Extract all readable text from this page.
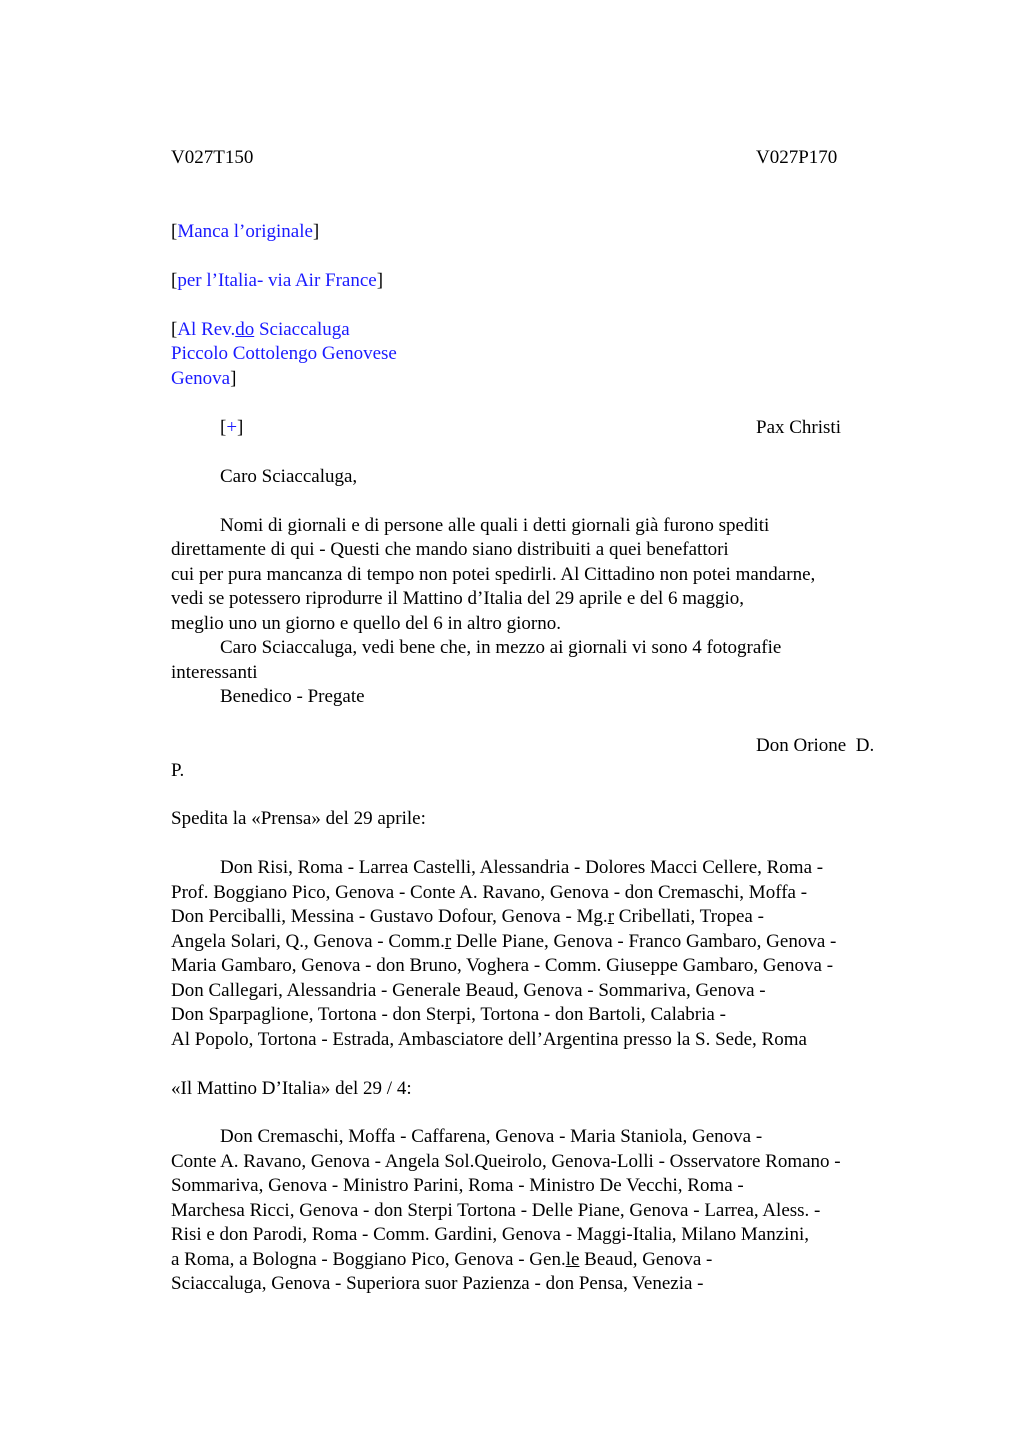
V027T150	V027P170
[Manca l’originale]
[per l’Italia- via Air France]
[Al Rev.do Sciaccaluga
Piccolo Cottolengo Genovese
Genova]
[+]	Pax Christi
Caro Sciaccaluga,
Nomi di giornali e di persone alle quali i detti giornali già furono spediti
direttamente di qui - Questi che mando siano distribuiti a quei benefattori
cui per pura mancanza di tempo non potei spedirli. Al Cittadino non potei mandarne,
vedi se potessero riprodurre il Mattino d’Italia del 29 aprile e del 6 maggio,
meglio uno un giorno e quello del 6 in altro giorno.
Caro Sciaccaluga, vedi bene che, in mezzo ai giornali vi sono 4 fotografie
interessanti
Benedico - Pregate
Don Orione  D.
P.
Spedita la «Prensa» del 29 aprile:
Don Risi, Roma - Larrea Castelli, Alessandria - Dolores Macci Cellere, Roma -
Prof. Boggiano Pico, Genova - Conte A. Ravano, Genova - don Cremaschi, Moffa -
Don Perciballi, Messina - Gustavo Dofour, Genova - Mg.r Cribellati, Tropea -
Angela Solari, Q., Genova - Comm.r Delle Piane, Genova - Franco Gambaro, Genova -
Maria Gambaro, Genova - don Bruno, Voghera - Comm. Giuseppe Gambaro, Genova -
Don Callegari, Alessandria - Generale Beaud, Genova - Sommariva, Genova -
Don Sparpaglione, Tortona - don Sterpi, Tortona - don Bartoli, Calabria -
Al Popolo, Tortona - Estrada, Ambasciatore dell’Argentina presso la S. Sede, Roma
«Il Mattino D’Italia» del 29 / 4:
Don Cremaschi, Moffa - Caffarena, Genova - Maria Staniola, Genova -
Conte A. Ravano, Genova - Angela Sol.Queirolo, Genova-Lolli - Osservatore Romano -
Sommariva, Genova - Ministro Parini, Roma - Ministro De Vecchi, Roma -
Marchesa Ricci, Genova - don Sterpi Tortona - Delle Piane, Genova - Larrea, Aless. -
Risi e don Parodi, Roma - Comm. Gardini, Genova - Maggi-Italia, Milano Manzini,
a Roma, a Bologna - Boggiano Pico, Genova - Gen.le Beaud, Genova -
Sciaccaluga, Genova - Superiora suor Pazienza - don Pensa, Venezia -
